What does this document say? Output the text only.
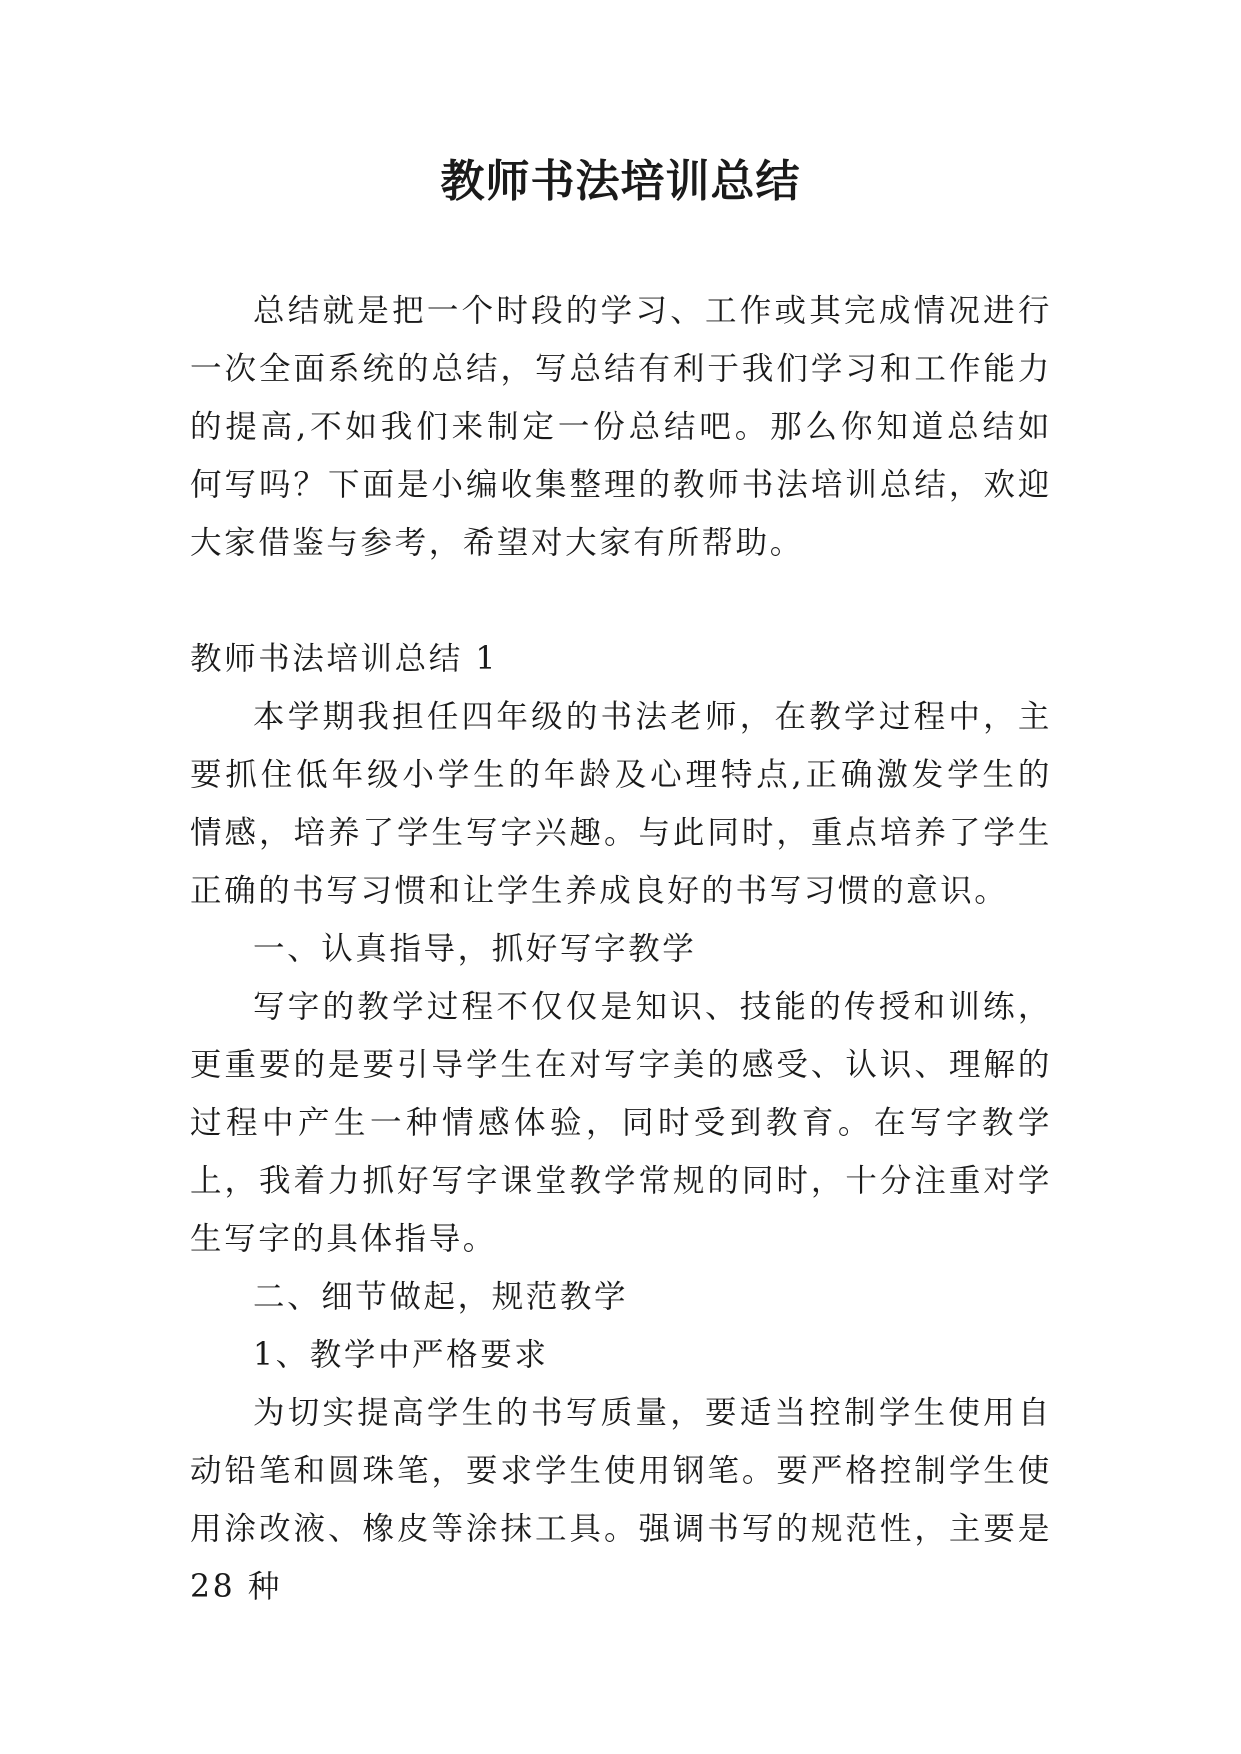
教师书法培训总结

总结就是把一个时段的学习、工作或其完成情况进行一次全面系统的总结，写总结有利于我们学习和工作能力的提高,不如我们来制定一份总结吧。那么你知道总结如何写吗？下面是小编收集整理的教师书法培训总结，欢迎大家借鉴与参考，希望对大家有所帮助。

教师书法培训总结 1

本学期我担任四年级的书法老师，在教学过程中，主要抓住低年级小学生的年龄及心理特点,正确激发学生的情感，培养了学生写字兴趣。与此同时，重点培养了学生正确的书写习惯和让学生养成良好的书写习惯的意识。

一、认真指导，抓好写字教学

写字的教学过程不仅仅是知识、技能的传授和训练，更重要的是要引导学生在对写字美的感受、认识、理解的过程中产生一种情感体验，同时受到教育。在写字教学上，我着力抓好写字课堂教学常规的同时，十分注重对学生写字的具体指导。

二、细节做起，规范教学

1、教学中严格要求

为切实提高学生的书写质量，要适当控制学生使用自动铅笔和圆珠笔，要求学生使用钢笔。要严格控制学生使用涂改液、橡皮等涂抹工具。强调书写的规范性，主要是 28 种
